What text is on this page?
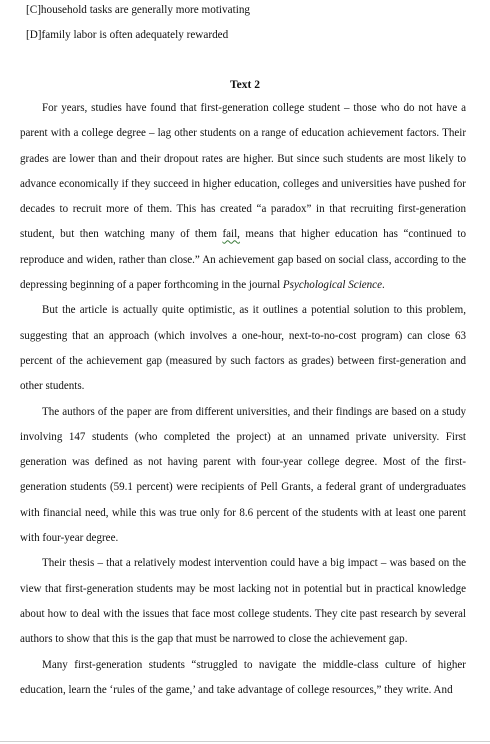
[C]household tasks are generally more motivating
[D]family labor is often adequately rewarded
Text 2

For years, studies have found that first-generation college student – those who do not have a parent with a college degree – lag other students on a range of education achievement factors. Their grades are lower than and their dropout rates are higher. But since such students are most likely to advance economically if they succeed in higher education, colleges and universities have pushed for decades to recruit more of them. This has created “a paradox” in that recruiting first-generation student, but then watching many of them fail, means that higher education has “continued to reproduce and widen, rather than close.” An achievement gap based on social class, according to the depressing beginning of a paper forthcoming in the journal Psychological Science.

But the article is actually quite optimistic, as it outlines a potential solution to this problem, suggesting that an approach (which involves a one-hour, next-to-no-cost program) can close 63 percent of the achievement gap (measured by such factors as grades) between first-generation and other students.

The authors of the paper are from different universities, and their findings are based on a study involving 147 students (who completed the project) at an unnamed private university. First generation was defined as not having parent with four-year college degree. Most of the first-generation students (59.1 percent) were recipients of Pell Grants, a federal grant of undergraduates with financial need, while this was true only for 8.6 percent of the students with at least one parent with four-year degree.

Their thesis – that a relatively modest intervention could have a big impact – was based on the view that first-generation students may be most lacking not in potential but in practical knowledge about how to deal with the issues that face most college students. They cite past research by several authors to show that this is the gap that must be narrowed to close the achievement gap.

Many first-generation students “struggled to navigate the middle-class culture of higher education, learn the ‘rules of the game,’ and take advantage of college resources,” they write. And
